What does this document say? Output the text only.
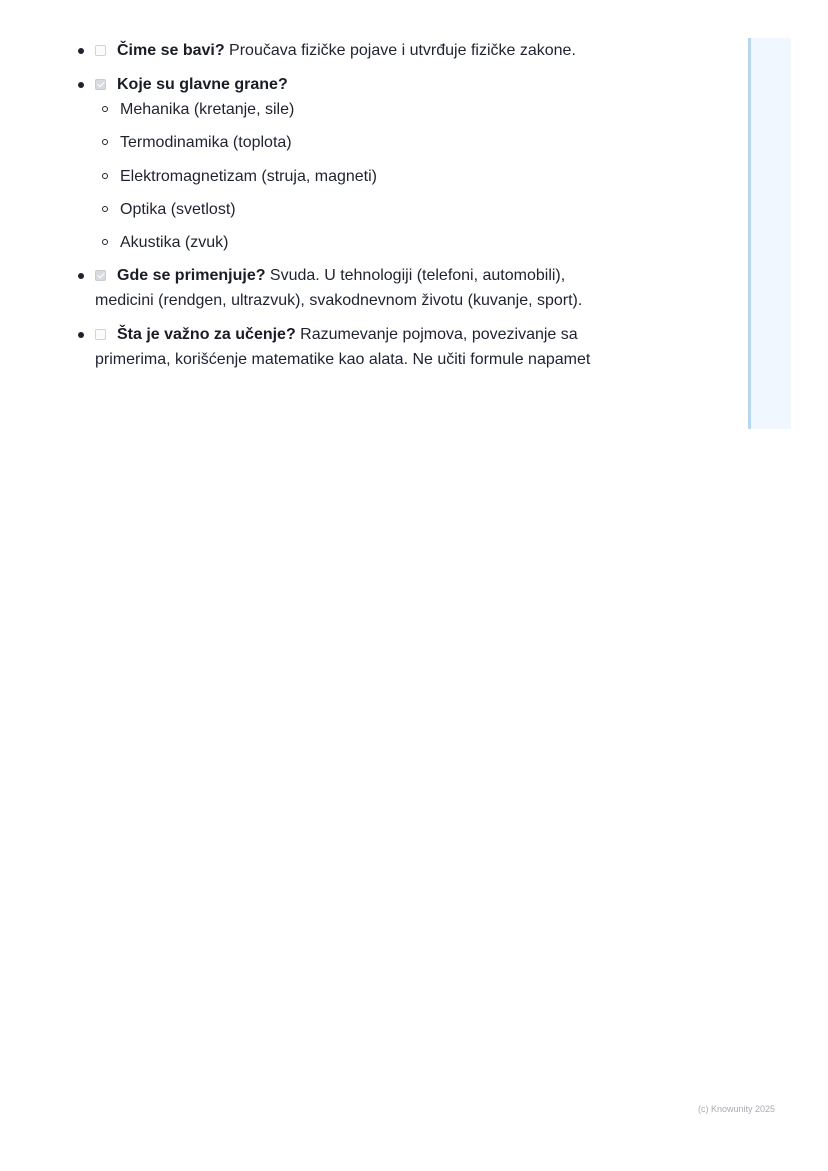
Čime se bavi? Proučava fizičke pojave i utvrđuje fizičke zakone.
Koje su glavne grane?
Mehanika (kretanje, sile)
Termodinamika (toplota)
Elektromagnetizam (struja, magneti)
Optika (svetlost)
Akustika (zvuk)
Gde se primenjuje? Svuda. U tehnologiji (telefoni, automobili), medicini (rendgen, ultrazvuk), svakodnevnom životu (kuvanje, sport).
Šta je važno za učenje? Razumevanje pojmova, povezivanje sa primerima, korišćenje matematike kao alata. Ne učiti formule napamet
(c) Knowunity 2025
